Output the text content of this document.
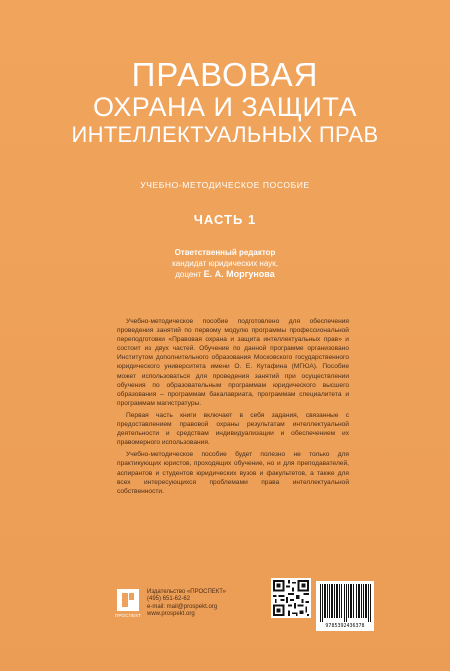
ПРАВОВАЯ
ОХРАНА И ЗАЩИТА
ИНТЕЛЛЕКТУАЛЬНЫХ ПРАВ
УЧЕБНО-МЕТОДИЧЕСКОЕ ПОСОБИЕ
ЧАСТЬ 1
Ответственный редактор
кандидат юридических наук,
доцент Е. А. Моргунова

Учебно-методическое пособие подготовлено для обеспечения проведения занятий по первому модулю программы профессиональной переподготовки «Правовая охрана и защита интеллектуальных прав» и состоит из двух частей. Обучение по данной программе организовано Институтом дополнительного образования Московского государственного юридического университета имени О. Е. Кутафина (МГЮА). Пособие может использоваться для проведения занятий при осуществлении обучения по образовательным программам юридического высшего образования – программам бакалавриата, программам специалитета и программам магистратуры.

Первая часть книги включает в себя задания, связанные с предоставлением правовой охраны результатам интеллектуальной деятельности и средствам индивидуализации и обеспечением их правомерного использования.

Учебно-методическое пособие будет полезно не только для практикующих юристов, проходящих обучение, но и для преподавателей, аспирантов и студентов юридических вузов и факультетов, а также для всех интересующихся проблемами права интеллектуальной собственности.

ПРОСПЕКТ
Издательство «ПРОСПЕКТ»
(495) 651-62-62
e-mail: mail@prospekt.org
www.prospekt.org
9785392436378
